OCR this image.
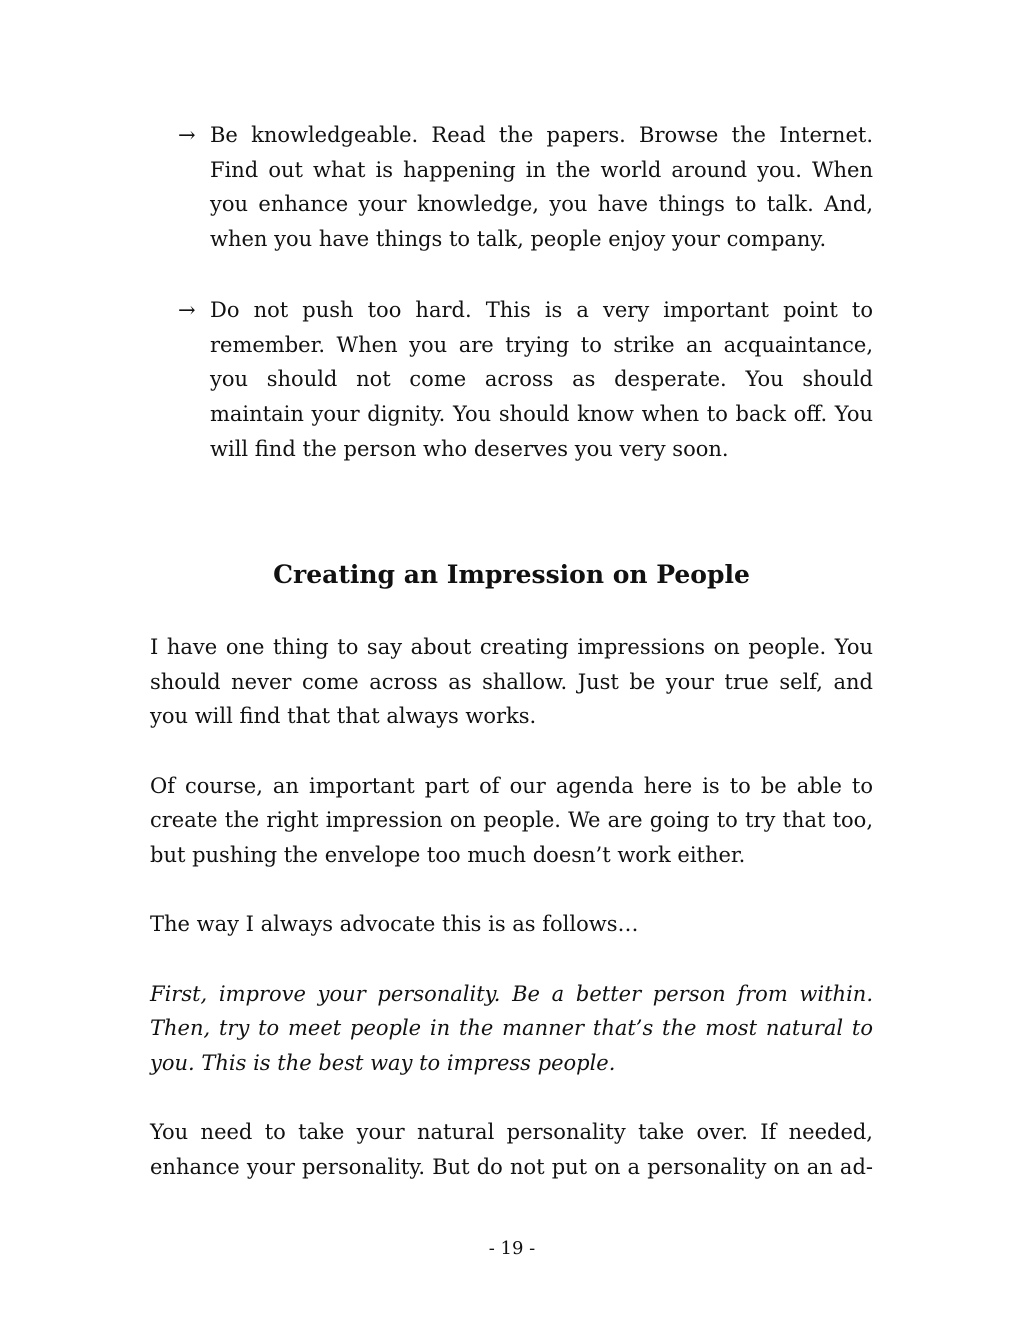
→ Be knowledgeable. Read the papers. Browse the Internet. Find out what is happening in the world around you. When you enhance your knowledge, you have things to talk. And, when you have things to talk, people enjoy your company.
→ Do not push too hard. This is a very important point to remember. When you are trying to strike an acquaintance, you should not come across as desperate. You should maintain your dignity. You should know when to back off. You will find the person who deserves you very soon.
Creating an Impression on People

I have one thing to say about creating impressions on people. You should never come across as shallow. Just be your true self, and you will find that that always works.

Of course, an important part of our agenda here is to be able to create the right impression on people. We are going to try that too, but pushing the envelope too much doesn’t work either.

The way I always advocate this is as follows…

First, improve your personality. Be a better person from within. Then, try to meet people in the manner that’s the most natural to you. This is the best way to impress people.

You need to take your natural personality take over. If needed, enhance your personality. But do not put on a personality on an ad-

- 19 -
